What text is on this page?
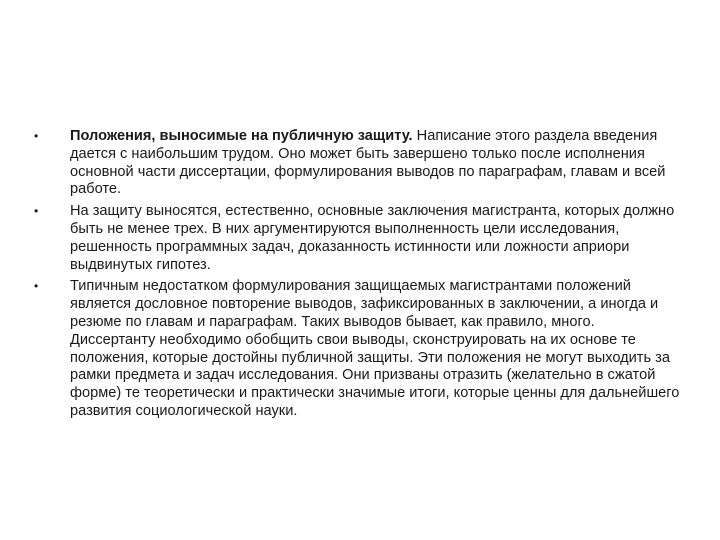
•	Положения, выносимые на публичную защиту. Написание этого раздела введения дается с наибольшим трудом. Оно может быть завершено только после исполнения основной части диссертации, формулирования выводов по параграфам, главам и всей работе.
•	На защиту выносятся, естественно, основные заключения магистранта, которых должно быть не менее трех. В них аргументируются выполненность цели исследования, решенность программных задач, доказанность истинности или ложности априори выдвинутых гипотез.
•	Типичным недостатком формулирования защищаемых магистрантами положений является дословное повторение выводов, зафиксированных в заключении, а иногда и резюме по главам и параграфам. Таких выводов бывает, как правило, много. Диссертанту необходимо обобщить свои выводы, сконструировать на их основе те положения, которые достойны публичной защиты. Эти положения не могут выходить за рамки предмета и задач исследования. Они призваны отразить (желательно в сжатой форме) те теоретически и практически значимые итоги, которые ценны для дальнейшего развития социологической науки.
